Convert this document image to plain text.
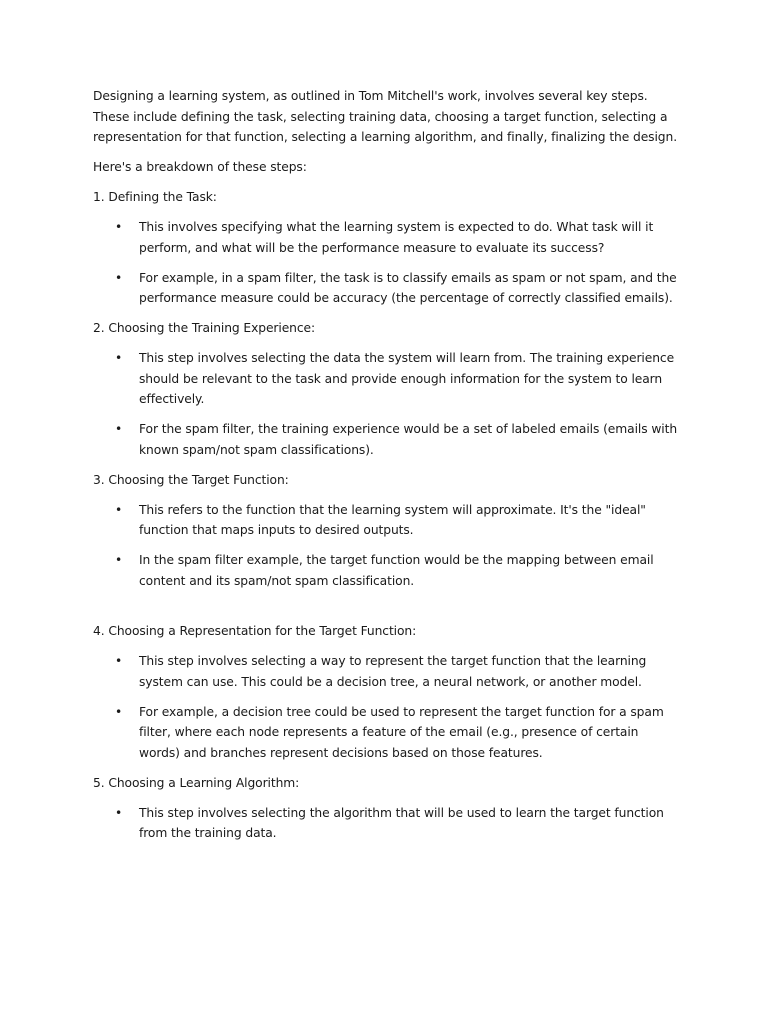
Designing a learning system, as outlined in Tom Mitchell's work, involves several key steps. These include defining the task, selecting training data, choosing a target function, selecting a representation for that function, selecting a learning algorithm, and finally, finalizing the design.

Here's a breakdown of these steps:

1. Defining the Task:

• This involves specifying what the learning system is expected to do. What task will it perform, and what will be the performance measure to evaluate its success?
• For example, in a spam filter, the task is to classify emails as spam or not spam, and the performance measure could be accuracy (the percentage of correctly classified emails).

2. Choosing the Training Experience:

• This step involves selecting the data the system will learn from. The training experience should be relevant to the task and provide enough information for the system to learn effectively.
• For the spam filter, the training experience would be a set of labeled emails (emails with known spam/not spam classifications).

3. Choosing the Target Function:

• This refers to the function that the learning system will approximate. It's the "ideal" function that maps inputs to desired outputs.
• In the spam filter example, the target function would be the mapping between email content and its spam/not spam classification.

4. Choosing a Representation for the Target Function:

• This step involves selecting a way to represent the target function that the learning system can use. This could be a decision tree, a neural network, or another model.
• For example, a decision tree could be used to represent the target function for a spam filter, where each node represents a feature of the email (e.g., presence of certain words) and branches represent decisions based on those features.

5. Choosing a Learning Algorithm:

• This step involves selecting the algorithm that will be used to learn the target function from the training data.
